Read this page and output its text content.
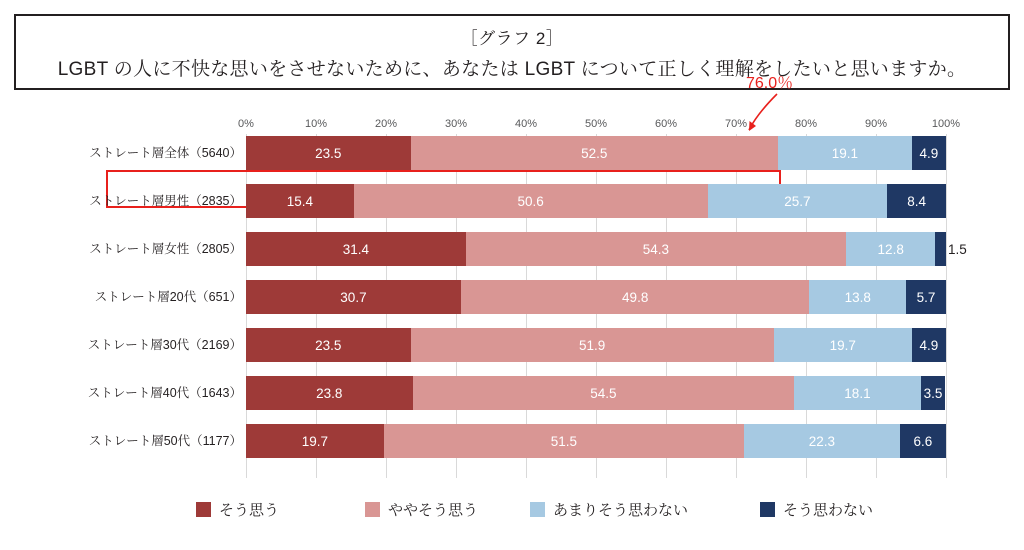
［グラフ 2］
LGBT の人に不快な思いをさせないために、あなたは LGBT について正しく理解をしたいと思いますか。
0%	10%	20%	30%	40%	50%	60%	70%	80%	90%	100%
ストレート層全体（5640）	23.5	52.5	19.1	4.9
ストレート層男性（2835）	15.4	50.6	25.7	8.4
ストレート層女性（2805）	31.4	54.3	12.8	1.5
ストレート層20代（651）	30.7	49.8	13.8	5.7
ストレート層30代（2169）	23.5	51.9	19.7	4.9
ストレート層40代（1643）	23.8	54.5	18.1	3.5
ストレート層50代（1177）	19.7	51.5	22.3	6.6
76.0％
そう思う	ややそう思う	あまりそう思わない	そう思わない
